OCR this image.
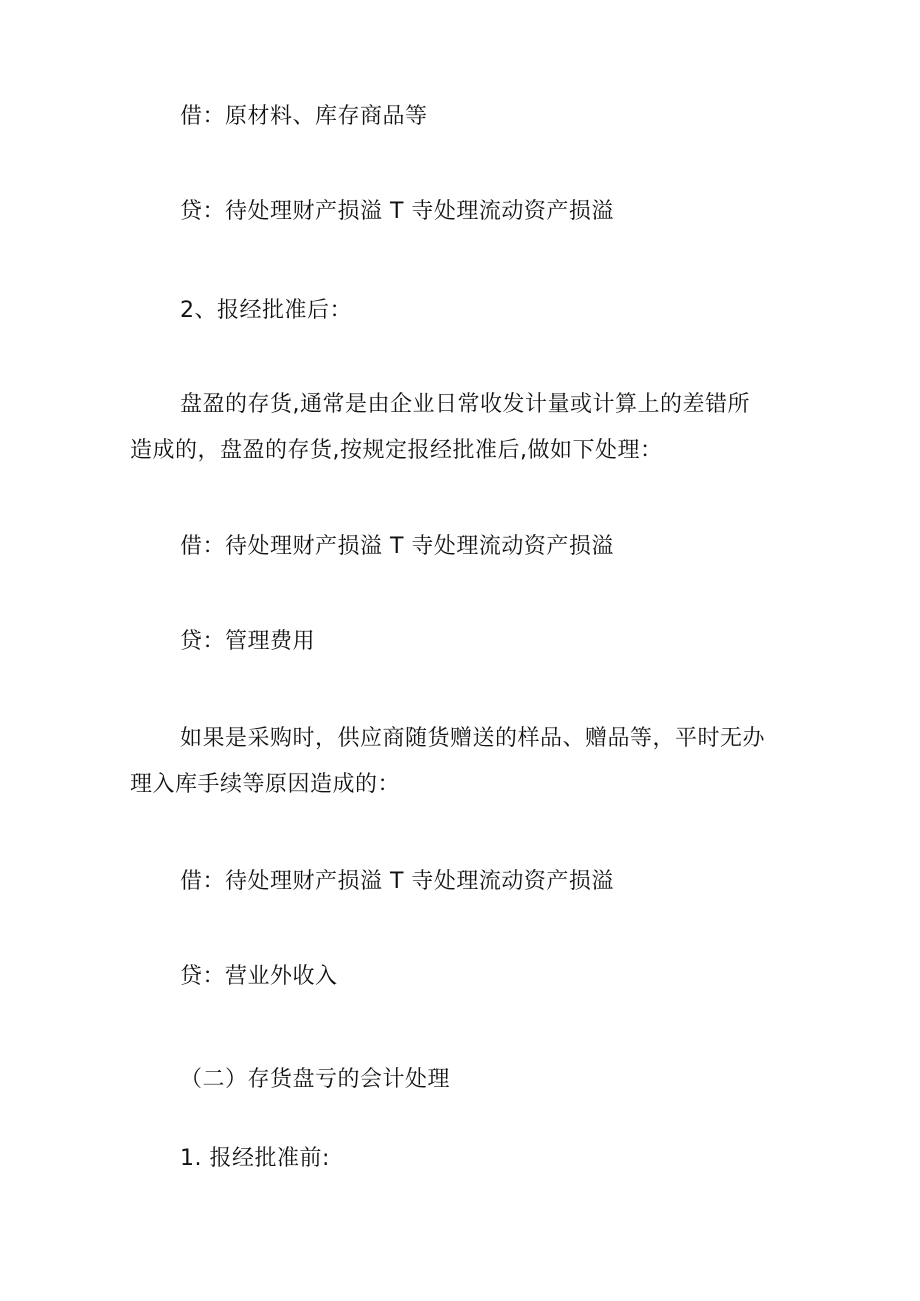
借：原材料、库存商品等
贷：待处理财产损溢 T 寺处理流动资产损溢
2、报经批准后：
盘盈的存货,通常是由企业日常收发计量或计算上的差错所
造成的，盘盈的存货,按规定报经批准后,做如下处理：
借：待处理财产损溢 T 寺处理流动资产损溢
贷：管理费用
如果是采购时，供应商随货赠送的样品、赠品等，平时无办
理入库手续等原因造成的：
借：待处理财产损溢 T 寺处理流动资产损溢
贷：营业外收入
（二）存货盘亏的会计处理
1. 报经批准前:
